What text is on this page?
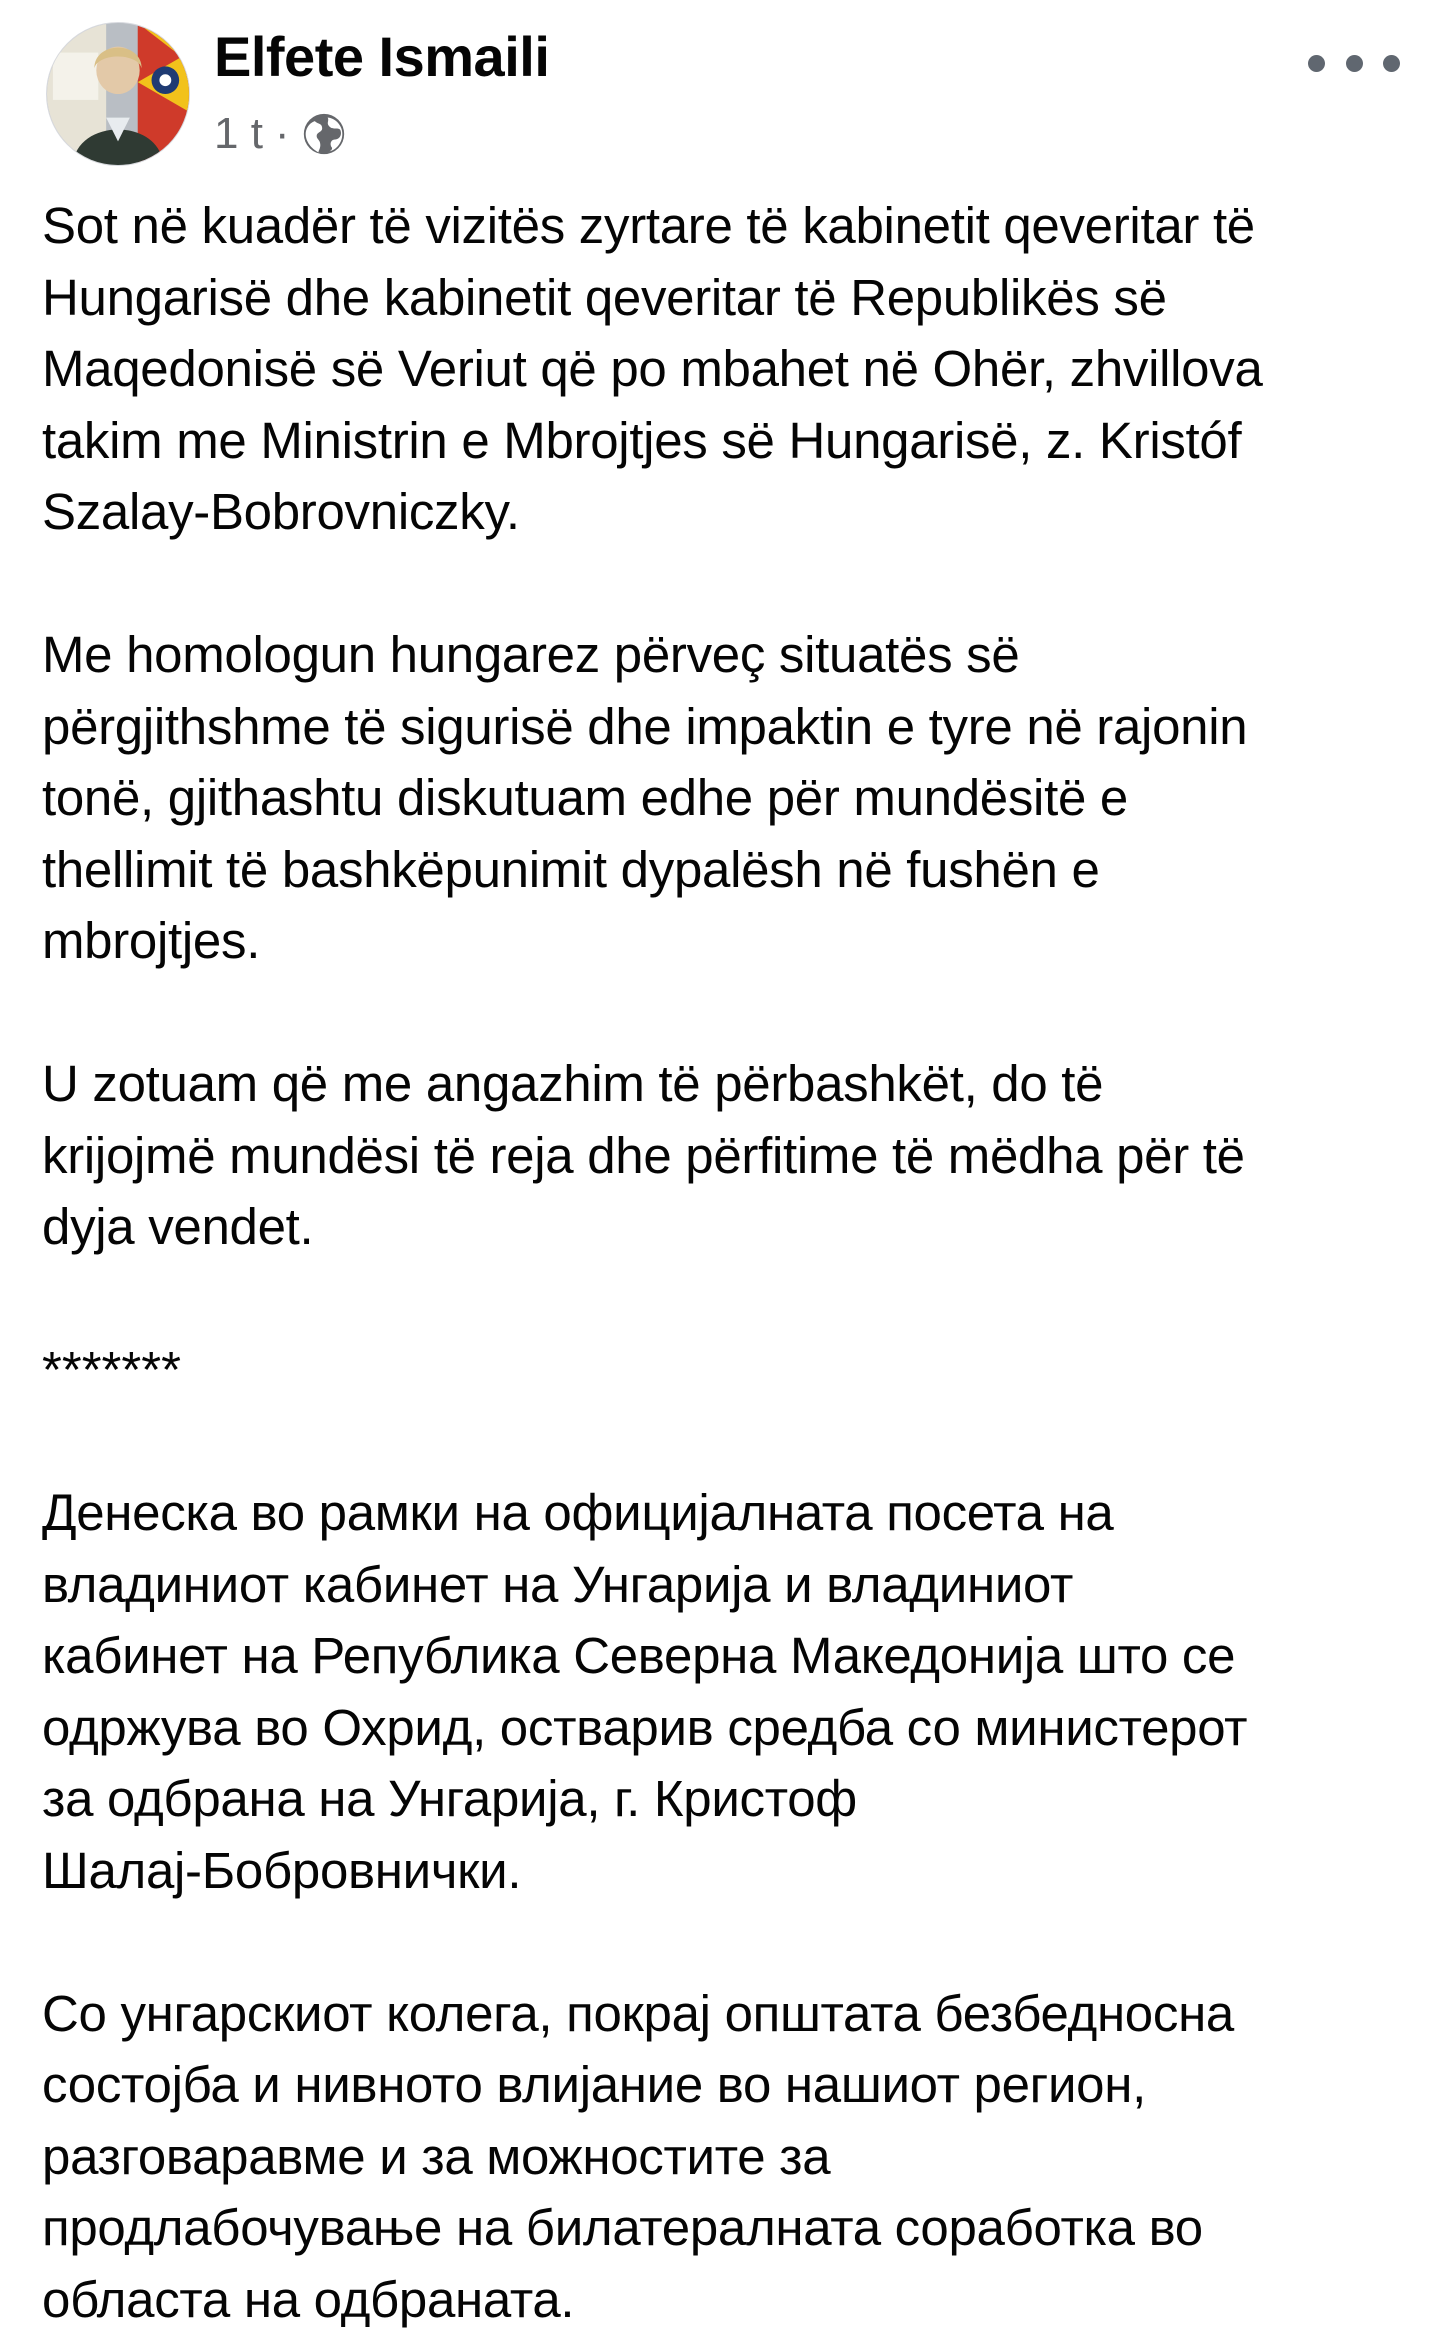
Elfete Ismaili
1 t ·

Sot në kuadër të vizitës zyrtare të kabinetit qeveritar të
Hungarisë dhe kabinetit qeveritar të Republikës së
Maqedonisë së Veriut që po mbahet në Ohër, zhvillova
takim me Ministrin e Mbrojtjes së Hungarisë, z. Kristóf
Szalay-Bobrovniczky.

Me homologun hungarez përveç situatës së
përgjithshme të sigurisë dhe impaktin e tyre në rajonin
tonë, gjithashtu diskutuam edhe për mundësitë e
thellimit të bashkëpunimit dypalësh në fushën e
mbrojtjes.

U zotuam që me angazhim të përbashkët, do të
krijojmë mundësi të reja dhe përfitime të mëdha për të
dyja vendet.

*******

Денеска во рамки на официјалната посета на
владиниот кабинет на Унгарија и владиниот
кабинет на Република Северна Македонија што се
одржува во Охрид, остварив средба со министерот
за одбрана на Унгарија, г. Кристоф
Шалај-Бобровнички.

Со унгарскиот колега, покрај општата безбедносна
состојба и нивното влијание во нашиот регион,
разговаравме и за можностите за
продлабочување на билатералната соработка во
областа на одбраната.
